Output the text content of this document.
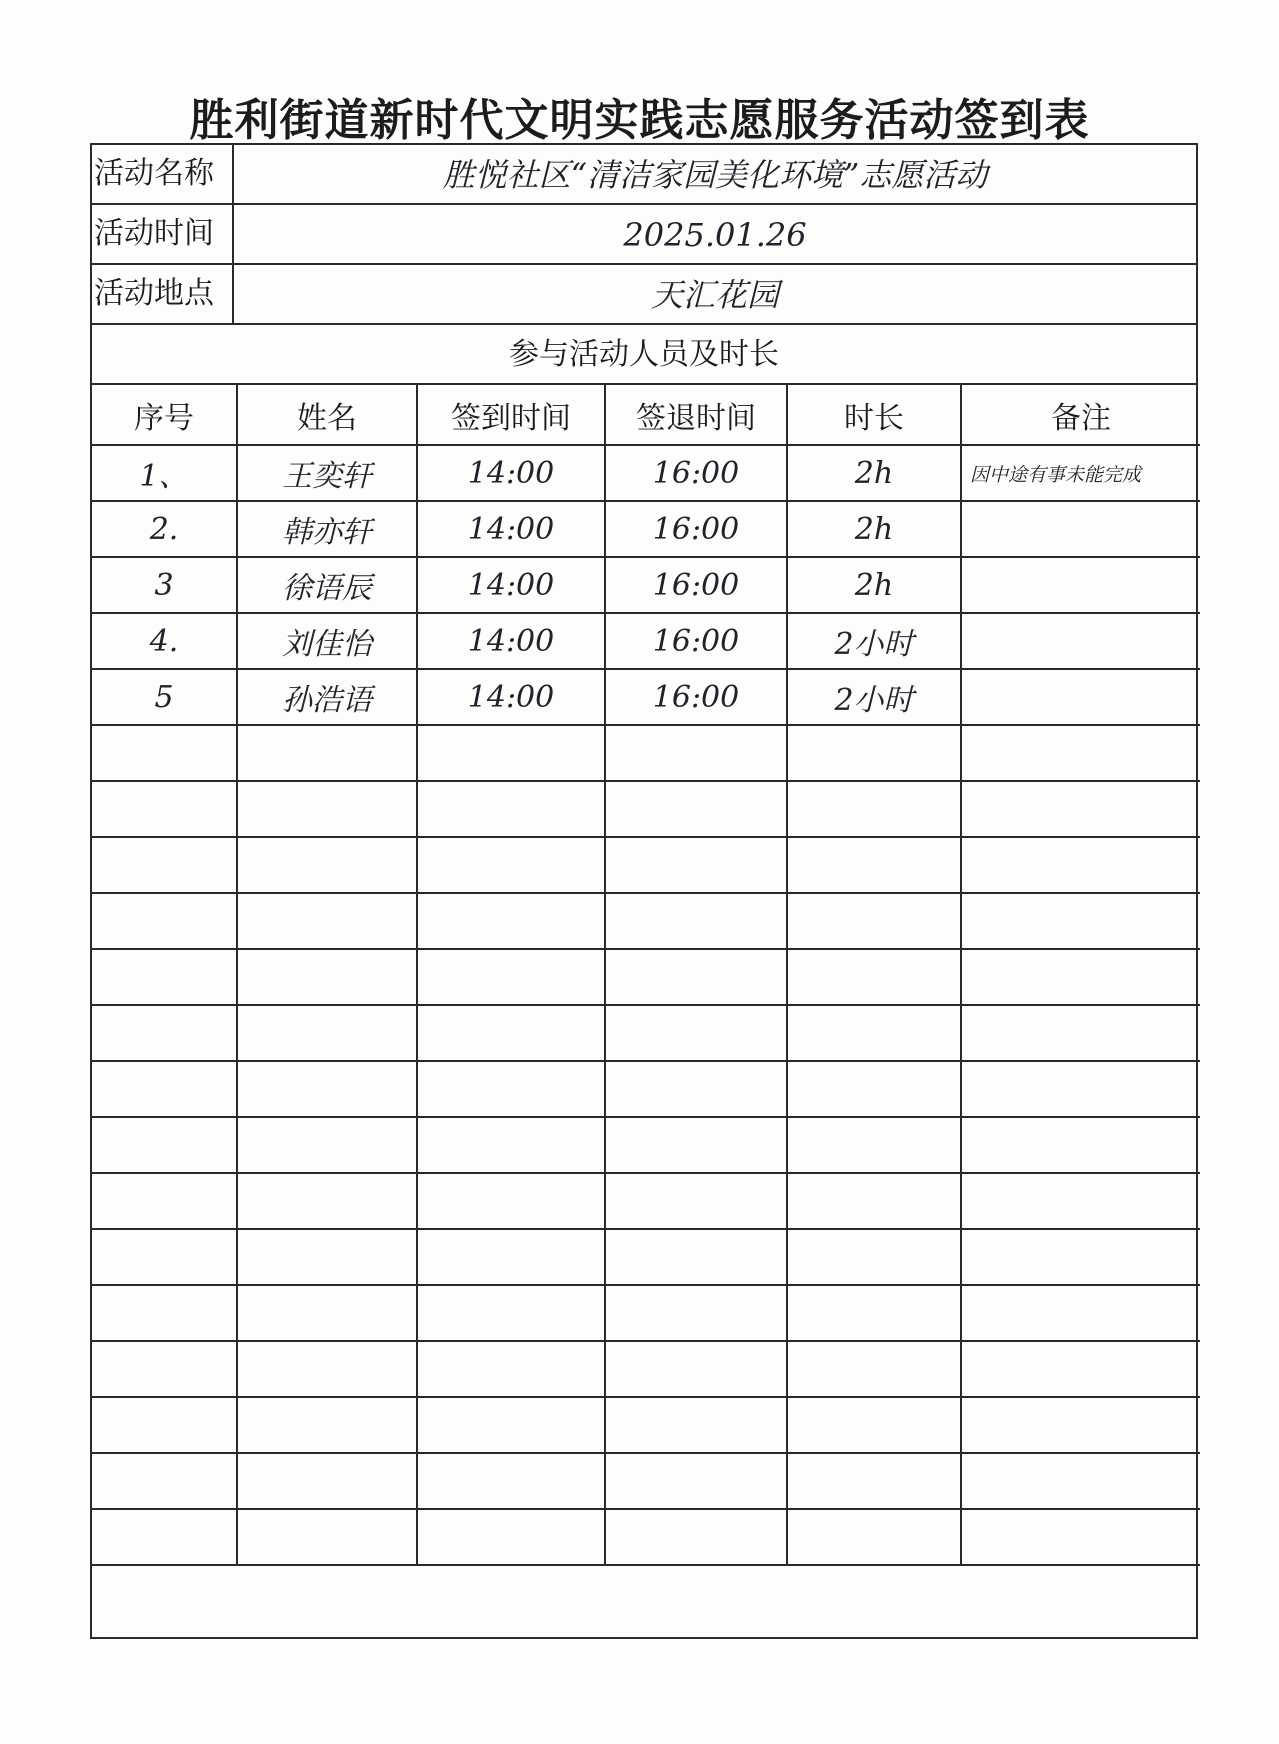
胜利街道新时代文明实践志愿服务活动签到表
活动名称	胜悦社区“清洁家园美化环境”志愿活动
活动时间	2025.01.26
活动地点	天汇花园
参与活动人员及时长
序号	姓名	签到时间	签退时间	时长	备注
1、	王奕轩	14:00	16:00	2h	因中途有事未能完成
2.	韩亦轩	14:00	16:00	2h	
3	徐语辰	14:00	16:00	2h	
4.	刘佳怡	14:00	16:00	2小时	
5	孙浩语	14:00	16:00	2小时	
